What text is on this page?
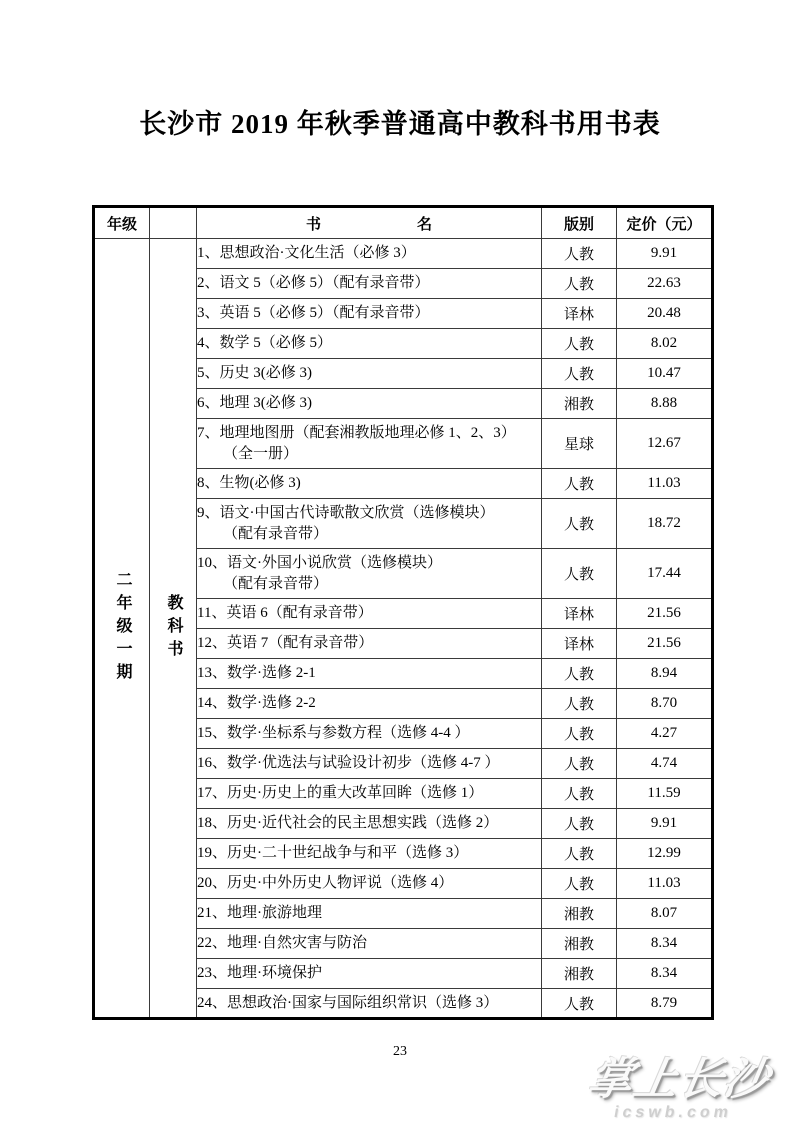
长沙市 2019 年秋季普通高中教科书用书表
年级		书 名	版别	定价（元）

二年级一期	教科书	1、思想政治·文化生活（必修 3）	人教	9.91

		2、语文 5（必修 5）（配有录音带）	人教	22.63

		3、英语 5（必修 5）（配有录音带）	译林	20.48

		4、数学 5（必修 5）	人教	8.02

		5、历史 3(必修 3)	人教	10.47

		6、地理 3(必修 3)	湘教	8.88

		7、地理地图册（配套湘教版地理必修 1、2、3）
（全一册）	星球	12.67

		8、生物(必修 3)	人教	11.03

		9、语文·中国古代诗歌散文欣赏（选修模块）
（配有录音带）	人教	18.72

		10、语文·外国小说欣赏（选修模块）
（配有录音带）	人教	17.44

		11、英语 6（配有录音带）	译林	21.56

		12、英语 7（配有录音带）	译林	21.56

		13、数学·选修 2-1	人教	8.94

		14、数学·选修 2-2	人教	8.70

		15、数学·坐标系与参数方程（选修 4-4 ）	人教	4.27

		16、数学·优选法与试验设计初步（选修 4-7 ）	人教	4.74

		17、历史·历史上的重大改革回眸（选修 1）	人教	11.59

		18、历史·近代社会的民主思想实践（选修 2）	人教	9.91

		19、历史·二十世纪战争与和平（选修 3）	人教	12.99

		20、历史·中外历史人物评说（选修 4）	人教	11.03

		21、地理·旅游地理	湘教	8.07

		22、地理·自然灾害与防治	湘教	8.34

		23、地理·环境保护	湘教	8.34

		24、思想政治·国家与国际组织常识（选修 3）	人教	8.79
23
掌上长沙
icswb.com
